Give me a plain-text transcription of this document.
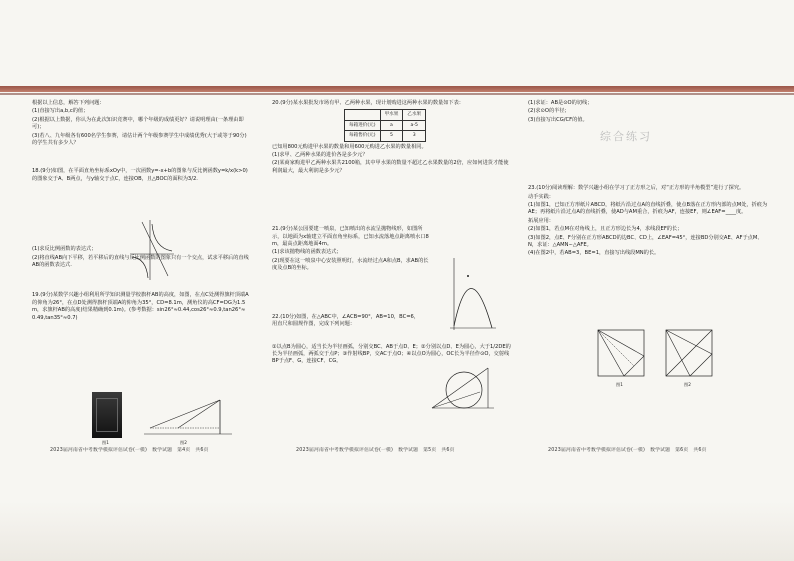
根据以上信息，解答下列问题：

(1)直接写出a,b,c的值；

(2)根据以上数据，你认为在此次知识竞赛中，哪个年级的成绩更好？请说明理由(一条理由即可)；

(3)若八、九年级各有600名学生参赛，请估计两个年级参赛学生中成绩优秀(大于或等于90分)的学生共有多少人？

18.(9分)如图，在平面直角坐标系xOy中，一次函数y=-x+b的图象与反比例函数y=k/x(k>0)的图象交于A、B两点，与y轴交于点C，连接OB，且△BOC的面积为3/2.

(1)求反比例函数的表达式；

(2)将直线AB向下平移，若平移后的直线与反比例函数的图象只有一个交点，试求平移后的直线AB的函数表达式.

19.(9分)某数学兴趣小组利用所学知识测量学校旗杆AB的高度，如图，在点C处测得旗杆顶端A的仰角为26°，在点D处测得旗杆顶端A的仰角为35°，CD=8.1m，测角仪的高CF=DG为1.5m，求旗杆AB的高度(结果精确到0.1m)。(参考数据：sin26°≈0.44,cos26°≈0.9,tan26°≈0.49,tan35°≈0.7)

图1	图2
2023届河南省中考数学模拟评估试卷(一模)　数学试题　第4页　共6页

20.(9分)某水果批发市场有甲、乙两种水果，现计划购进这两种水果的数量如下表：

	甲水果	乙水果
每箱进价(元)	a	a-5
每箱售价(元)	5	3

已知用800元购进甲水果的数量和用600元购进乙水果的数量相同。

(1)求甲、乙两种水果的进价各是多少元？

(2)某商家购进甲乙两种水果共2100箱，其中甲水果的数量不超过乙水果数量的2倍，应如何进货才能使利润最大，最大利润是多少元？

21.(9分)某公园要建一喷泉，已知喷出的水流呈抛物线形，如图所示，以地面为x轴建立平面直角坐标系，已知水流落地点距离喷水口8m，最高点距离地面4m。

(1)求该抛物线的函数表达式；

(2)现要在这一喷泉中心安装照明灯，水流经过点A和点B，求AB的长度及点B的坐标。

22.(10分)如图，在△ABC中，∠ACB=90°，AB=10，BC=6，用直尺和圆规作图，完成下列问题：

①以点B为圆心，适当长为半径画弧，分别交BC、AB于点D、E；②分别以点D、E为圆心，大于1/2DE的长为半径画弧，两弧交于点P；③作射线BP，交AC于点O；④以点O为圆心，OC长为半径作⊙O，交射线BP于点F、G，连接CF、CG。

2023届河南省中考数学模拟评估试卷(一模)　数学试题　第5页　共6页
综合练习

(1)求证：AB是⊙O的切线；

(2)求⊙O的半径；

(3)直接写出CG/CF的值。

23.(10分)阅读理解：数学兴趣小组在学习了正方形之后，对“正方形的半角模型”进行了探究。

动手实践：

(1)如图1，已知正方形纸片ABCD，将纸片沿过点A的直线折叠，使点B落在正方形内部的点M处，折痕为AE；再将纸片沿过点A的直线折叠，使AD与AM重合，折痕为AF，连接EF，则∠EAF=____度。

拓展应用：

(2)如图1，若点M在对角线上，且正方形边长为4，求线段EF的长；

(3)如图2，点E、F分别在正方形ABCD的边BC、CD上，∠EAF=45°，连接BD分别交AE、AF于点M、N，求证：△AMN∽△AFE。

(4)在图2中，若AB=3，BE=1，直接写出线段MN的长。

图1	图2
2023届河南省中考数学模拟评估试卷(一模)　数学试题　第6页　共6页
